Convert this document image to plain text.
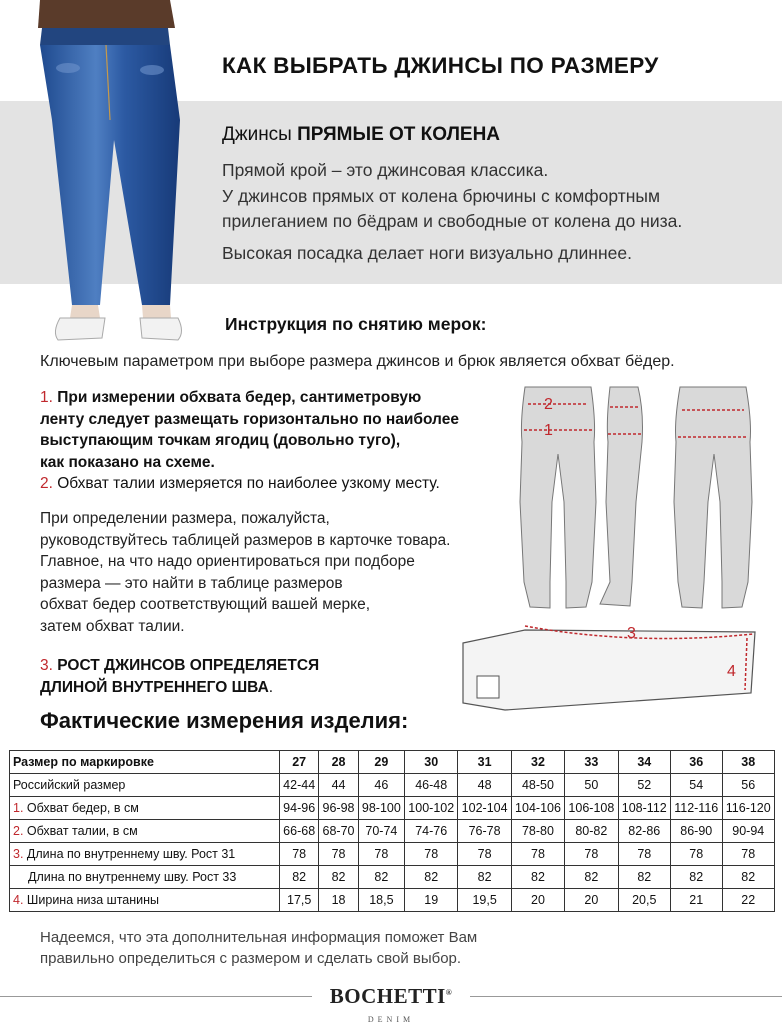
КАК ВЫБРАТЬ ДЖИНСЫ ПО РАЗМЕРУ
Джинсы ПРЯМЫЕ ОТ КОЛЕНА
Прямой крой – это джинсовая классика.
У джинсов прямых от колена брючины с комфортным
прилеганием по бёдрам и свободные от колена до низа.
Высокая посадка делает ноги визуально длиннее.
Инструкция по снятию мерок:
Ключевым параметром при выборе размера джинсов и брюк является обхват бёдер.
1. При измерении обхвата бедер, сантиметровую
ленту следует размещать горизонтально по наиболее
выступающим точкам ягодиц (довольно туго),
как показано на схеме.
2. Обхват талии измеряется по наиболее узкому месту.
При определении размера, пожалуйста,
руководствуйтесь таблицей размеров в карточке товара.
Главное, на что надо ориентироваться при подборе
размера — это найти в таблице размеров
обхват бедер соответствующий вашей мерке,
затем обхват талии.
3. РОСТ ДЖИНСОВ ОПРЕДЕЛЯЕТСЯ
ДЛИНОЙ ВНУТРЕННЕГО ШВА.
2
1
3
4
Фактические измерения изделия:
Размер по маркировке	27	28	29	30	31	32	33	34	36	38
Российский размер	42-44	44	46	46-48	48	48-50	50	52	54	56
1. Обхват бедер, в см	94-96	96-98	98-100	100-102	102-104	104-106	106-108	108-112	112-116	116-120
2. Обхват талии, в см	66-68	68-70	70-74	74-76	76-78	78-80	80-82	82-86	86-90	90-94
3. Длина по внутреннему шву. Рост 31	78	78	78	78	78	78	78	78	78	78
Длина по внутреннему шву. Рост 33	82	82	82	82	82	82	82	82	82	82
4. Ширина низа штанины	17,5	18	18,5	19	19,5	20	20	20,5	21	22
Надеемся, что эта дополнительная информация поможет Вам
правильно определиться с размером и сделать свой выбор.
BOCHETTI®
DENIM
